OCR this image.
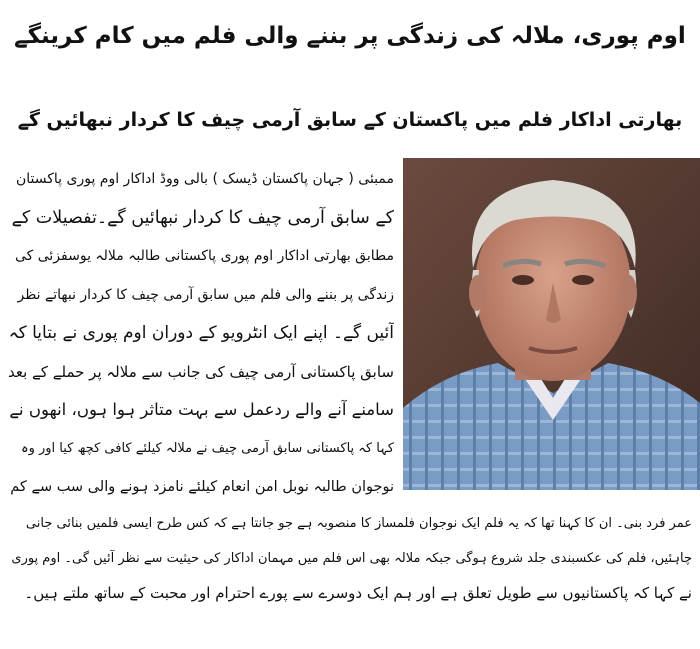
اوم پوری، ملالہ کی زندگی پر بننے والی فلم میں کام کرینگے
بھارتی اداکار فلم میں پاکستان کے سابق آرمی چیف کا کردار نبھائیں گے
ممبئی ( جہان پاکستان ڈیسک ) بالی ووڈ اداکار اوم پوری پاکستان
کے سابق آرمی چیف کا کردار نبھائیں گے۔تفصیلات کے
مطابق بھارتی اداکار اوم پوری پاکستانی طالبہ ملالہ یوسفزئی کی
زندگی پر بننے والی فلم میں سابق آرمی چیف کا کردار نبھاتے نظر
آئیں گے۔ اپنے ایک انٹرویو کے دوران اوم پوری نے بتایا کہ
سابق پاکستانی آرمی چیف کی جانب سے ملالہ پر حملے کے بعد
سامنے آنے والے ردعمل سے بہت متاثر ہوا ہوں، انھوں نے
کہا کہ پاکستانی سابق آرمی چیف نے ملالہ کیلئے کافی کچھ کیا اور وہ
نوجوان طالبہ نوبل امن انعام کیلئے نامزد ہونے والی سب سے کم
عمر فرد بنی۔ ان کا کہنا تھا کہ یہ فلم ایک نوجوان فلمساز کا منصوبہ ہے جو جانتا ہے کہ کس طرح ایسی فلمیں بنائی جانی
چاہئیں، فلم کی عکسبندی جلد شروع ہوگی جبکہ ملالہ بھی اس فلم میں مہمان اداکار کی حیثیت سے نظر آئیں گی۔ اوم پوری
نے کہا کہ پاکستانیوں سے طویل تعلق ہے اور ہم ایک دوسرے سے پورے احترام اور محبت کے ساتھ ملتے ہیں۔
